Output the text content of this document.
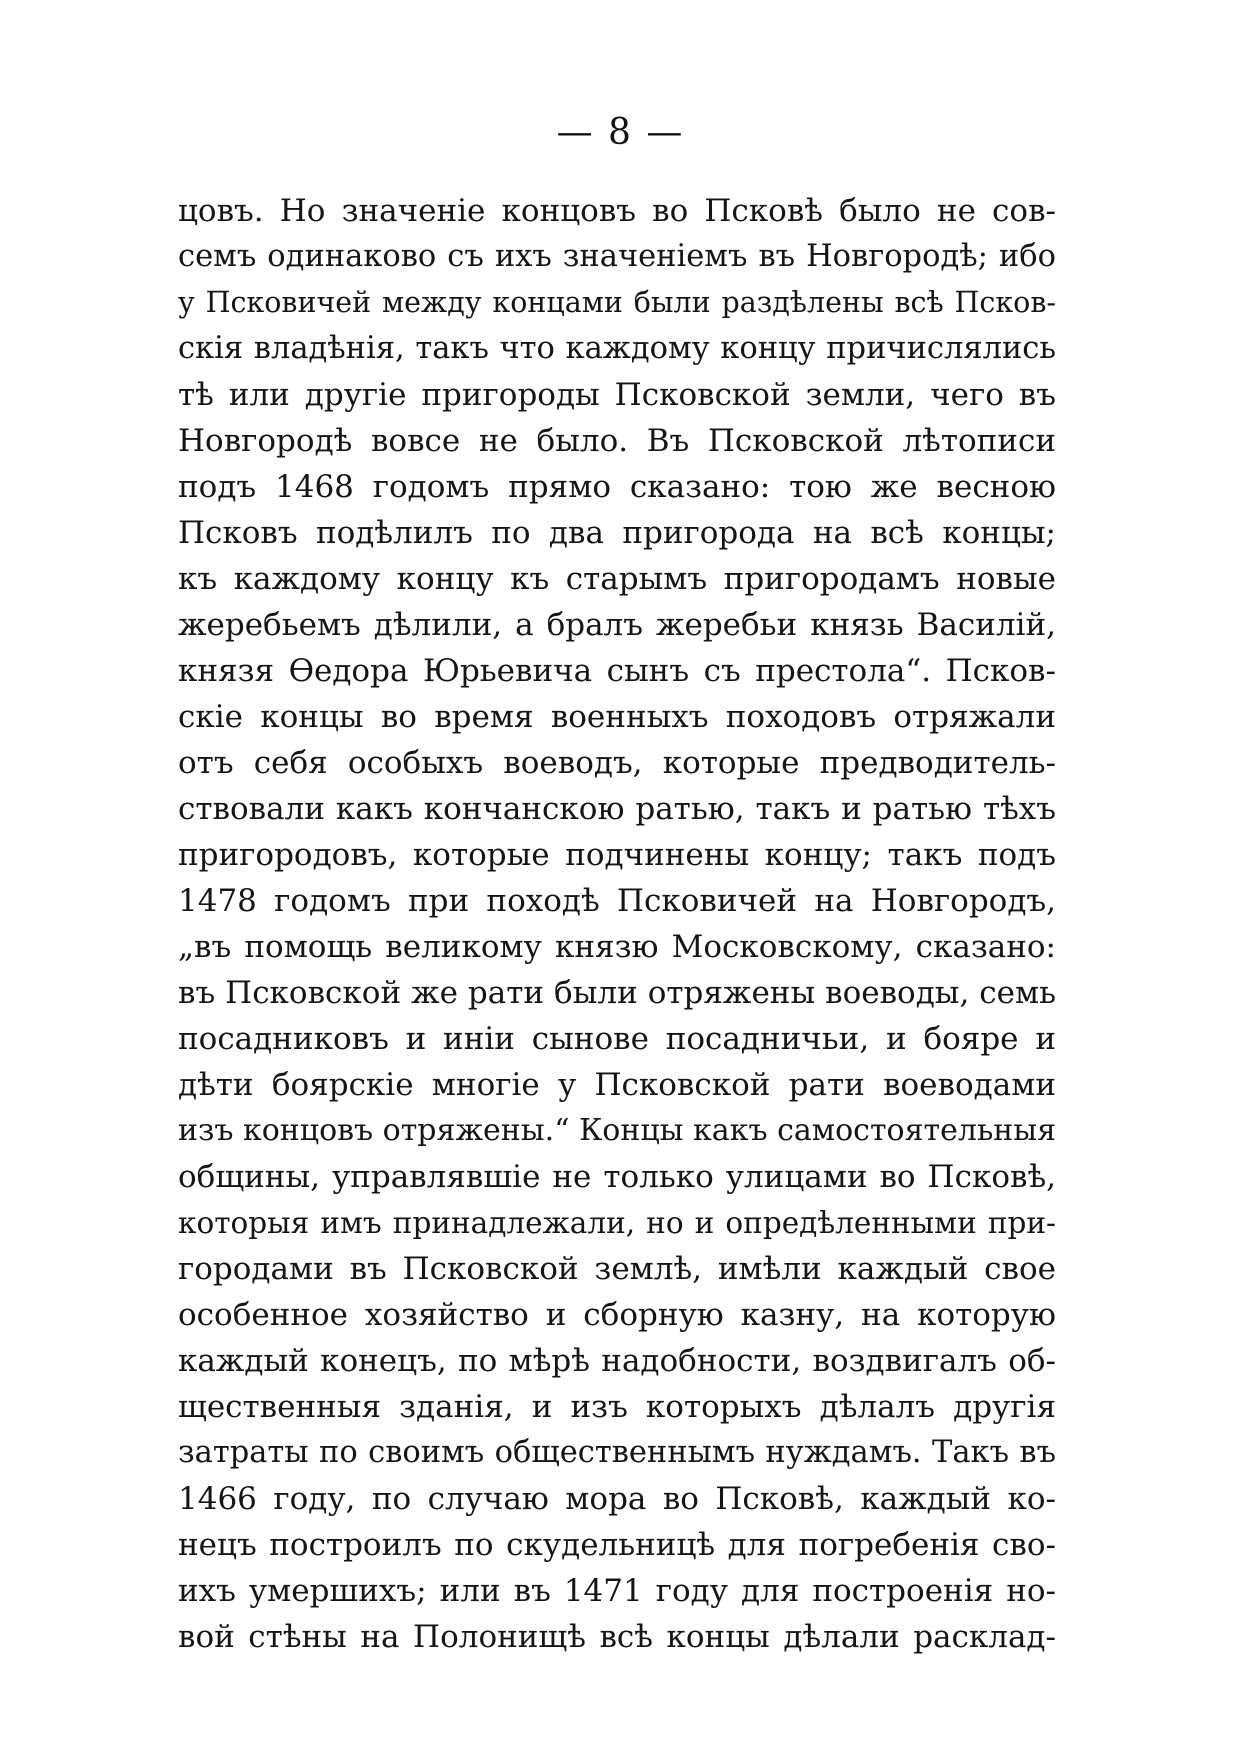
— 8 —
цовъ. Но значенiе концовъ во Псковѣ было не сов-
семъ одинаково съ ихъ значенiемъ въ Новгородѣ; ибо
у Псковичей между концами были раздѣлены всѣ Псков-
скiя владѣнiя, такъ что каждому концу причислялись
тѣ или другiе пригороды Псковской земли, чего въ
Новгородѣ вовсе не было. Въ Псковской лѣтописи
подъ 1468 годомъ прямо сказано: тою же весною
Псковъ подѣлилъ по два пригорода на всѣ концы;
къ каждому концу къ старымъ пригородамъ новые
жеребьемъ дѣлили, а бралъ жеребьи князь Василiй,
князя Ѳедора Юрьевича сынъ съ престола“. Псков-
скiе концы во время военныхъ походовъ отряжали
отъ себя особыхъ воеводъ, которые предводитель-
ствовали какъ кончанскою ратью, такъ и ратью тѣхъ
пригородовъ, которые подчинены концу; такъ подъ
1478 годомъ при походѣ Псковичей на Новгородъ,
„въ помощь великому князю Московскому, сказано:
въ Псковской же рати были отряжены воеводы, семь
посадниковъ и инiи сынове посадничьи, и бояре и
дѣти боярскiе многiе у Псковской рати воеводами
изъ концовъ отряжены.“ Концы какъ самостоятельныя
общины, управлявшiе не только улицами во Псковѣ,
которыя имъ принадлежали, но и опредѣленными при-
городами въ Псковской землѣ, имѣли каждый свое
особенное хозяйство и сборную казну, на которую
каждый конецъ, по мѣрѣ надобности, воздвигалъ об-
щественныя зданiя, и изъ которыхъ дѣлалъ другiя
затраты по своимъ общественнымъ нуждамъ. Такъ въ
1466 году, по случаю мора во Псковѣ, каждый ко-
нецъ построилъ по скудельницѣ для погребенiя сво-
ихъ умершихъ; или въ 1471 году для построенiя но-
вой стѣны на Полонищѣ всѣ концы дѣлали расклад-
